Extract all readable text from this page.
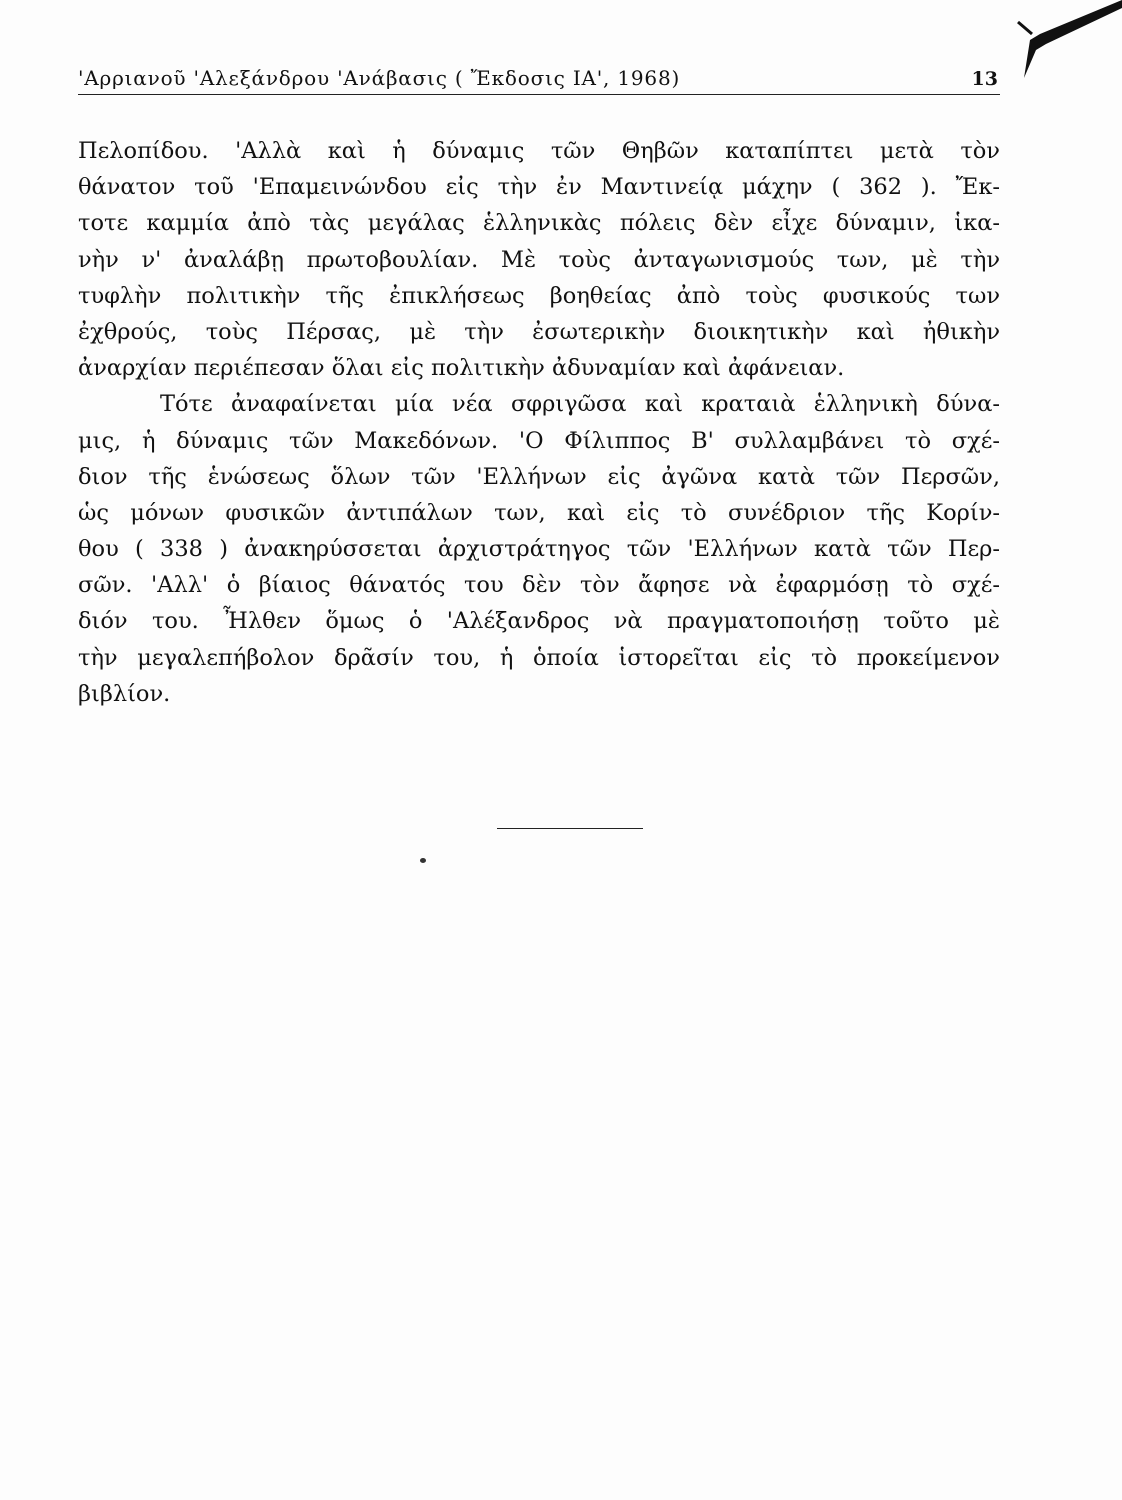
'Αρριανοῦ 'Αλεξάνδρου 'Ανάβασις ( Ἔκδοσις ΙΑ', 1968)	13

Πελοπίδου. 'Αλλὰ καὶ ἡ δύναμις τῶν Θηβῶν καταπίπτει μετὰ τὸν
θάνατον τοῦ 'Επαμεινώνδου εἰς τὴν ἐν Μαντινείᾳ μάχην ( 362 ). Ἔκ-
τοτε καμμία ἀπὸ τὰς μεγάλας ἑλληνικὰς πόλεις δὲν εἶχε δύναμιν, ἱκα-
νὴν ν' ἀναλάβῃ πρωτοβουλίαν. Μὲ τοὺς ἀνταγωνισμούς των, μὲ τὴν
τυφλὴν πολιτικὴν τῆς ἐπικλήσεως βοηθείας ἀπὸ τοὺς φυσικούς των
ἐχθρούς, τοὺς Πέρσας, μὲ τὴν ἐσωτερικὴν διοικητικὴν καὶ ἠθικὴν
ἀναρχίαν περιέπεσαν ὅλαι εἰς πολιτικὴν ἀδυναμίαν καὶ ἀφάνειαν.

Τότε ἀναφαίνεται μία νέα σφριγῶσα καὶ κραταιὰ ἑλληνικὴ δύνα-
μις, ἡ δύναμις τῶν Μακεδόνων. 'Ο Φίλιππος Β' συλλαμβάνει τὸ σχέ-
διον τῆς ἑνώσεως ὅλων τῶν 'Ελλήνων εἰς ἀγῶνα κατὰ τῶν Περσῶν,
ὡς μόνων φυσικῶν ἀντιπάλων των, καὶ εἰς τὸ συνέδριον τῆς Κορίν-
θου ( 338 ) ἀνακηρύσσεται ἀρχιστράτηγος τῶν 'Ελλήνων κατὰ τῶν Περ-
σῶν. 'Αλλ' ὁ βίαιος θάνατός του δὲν τὸν ἄφησε νὰ ἐφαρμόσῃ τὸ σχέ-
διόν του. Ἦλθεν ὅμως ὁ 'Αλέξανδρος νὰ πραγματοποιήσῃ τοῦτο μὲ
τὴν μεγαλεπήβολον δρᾶσίν του, ἡ ὁποία ἱστορεῖται εἰς τὸ προκείμενον
βιβλίον.
